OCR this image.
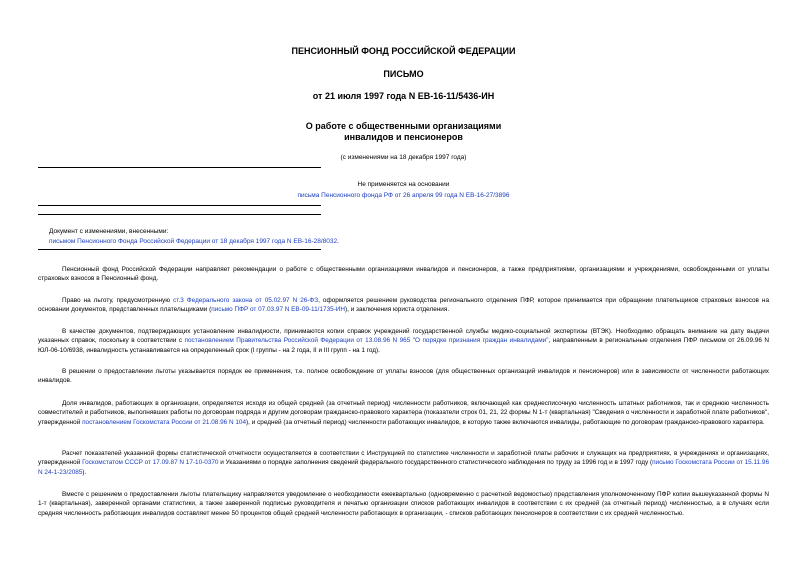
ПЕНСИОННЫЙ ФОНД РОССИЙСКОЙ ФЕДЕРАЦИИ
ПИСЬМО
от 21 июля 1997 года N ЕВ-16-11/5436-ИН
О работе с общественными организациями
инвалидов и пенсионеров
(с изменениями на 18 декабря 1997 года)
Не применяется на основании
письма Пенсионного фонда РФ от 26 апреля 99 года N ЕВ-16-27/3896
Документ с изменениями, внесенными:
письмом Пенсионного Фонда Российской Федерации от 18 декабря 1997 года N ЕВ-16-28/8032.
Пенсионный фонд Российской Федерации направляет рекомендации о работе с общественными организациями инвалидов и пенсионеров, а также предприятиями, организациями и учреждениями, освобожденными от уплаты страховых взносов в Пенсионный фонд.
Право на льготу, предусмотренную ст.3 Федерального закона от 05.02.97 N 26-ФЗ, оформляется решением руководства регионального отделения ПФР, которое принимается при обращении плательщиков страховых взносов на основании документов, представленных плательщиками (письмо ПФР от 07.03.97 N ЕВ-09-11/1735-ИН), и заключения юриста отделения.
В качестве документов, подтверждающих установление инвалидности, принимаются копии справок учреждений государственной службы медико-социальной экспертизы (ВТЭК). Необходимо обращать внимание на дату выдачи указанных справок, поскольку в соответствии с постановлением Правительства Российской Федерации от 13.08.96 N 965 "О порядке признания граждан инвалидами", направленным в региональные отделения ПФР письмом от 26.09.96 N ЮЛ-06-10/6938, инвалидность устанавливается на определенный срок (I группы - на 2 года, II и III групп - на 1 год).
В решении о предоставлении льготы указывается порядок ее применения, т.е. полное освобождение от уплаты взносов (для общественных организаций инвалидов и пенсионеров) или в зависимости от численности работающих инвалидов.
Доля инвалидов, работающих в организации, определяется исходя из общей средней (за отчетный период) численности работников, включающей как среднесписочную численность штатных работников, так и среднюю численность совместителей и работников, выполнявших работы по договорам подряда и другим договорам гражданско-правового характера (показатели строк 01, 21, 22 формы N 1-т (квартальная) "Сведения о численности и заработной плате работников", утвержденной постановлением Госкомстата России от 21.08.96 N 104), и средней (за отчетный период) численности работающих инвалидов, в которую также включаются инвалиды, работающие по договорам гражданско-правового характера.
Расчет показателей указанной формы статистической отчетности осуществляется в соответствии с Инструкцией по статистике численности и заработной платы рабочих и служащих на предприятиях, в учреждениях и организациях, утвержденной Госкомстатом СССР от 17.09.87 N 17-10-0370 и Указаниями о порядке заполнения сведений федерального государственного статистического наблюдения по труду за 1996 год и в 1997 году (письмо Госкомстата России от 15.11.96 N 24-1-23/2085).
Вместе с решением о предоставлении льготы плательщику направляется уведомление о необходимости ежеквартально (одновременно с расчетной ведомостью) представления уполномоченному ПФР копии вышеуказанной формы N 1-т (квартальная), заверенной органами статистики, а также заверенной подписью руководителя и печатью организации списков работающих инвалидов в соответствии с их средней (за отчетный период) численностью, а в случаях если средняя численность работающих инвалидов составляет менее 50 процентов общей средней численности работающих в организации, - списков работающих пенсионеров в соответствии с их средней численностью.
